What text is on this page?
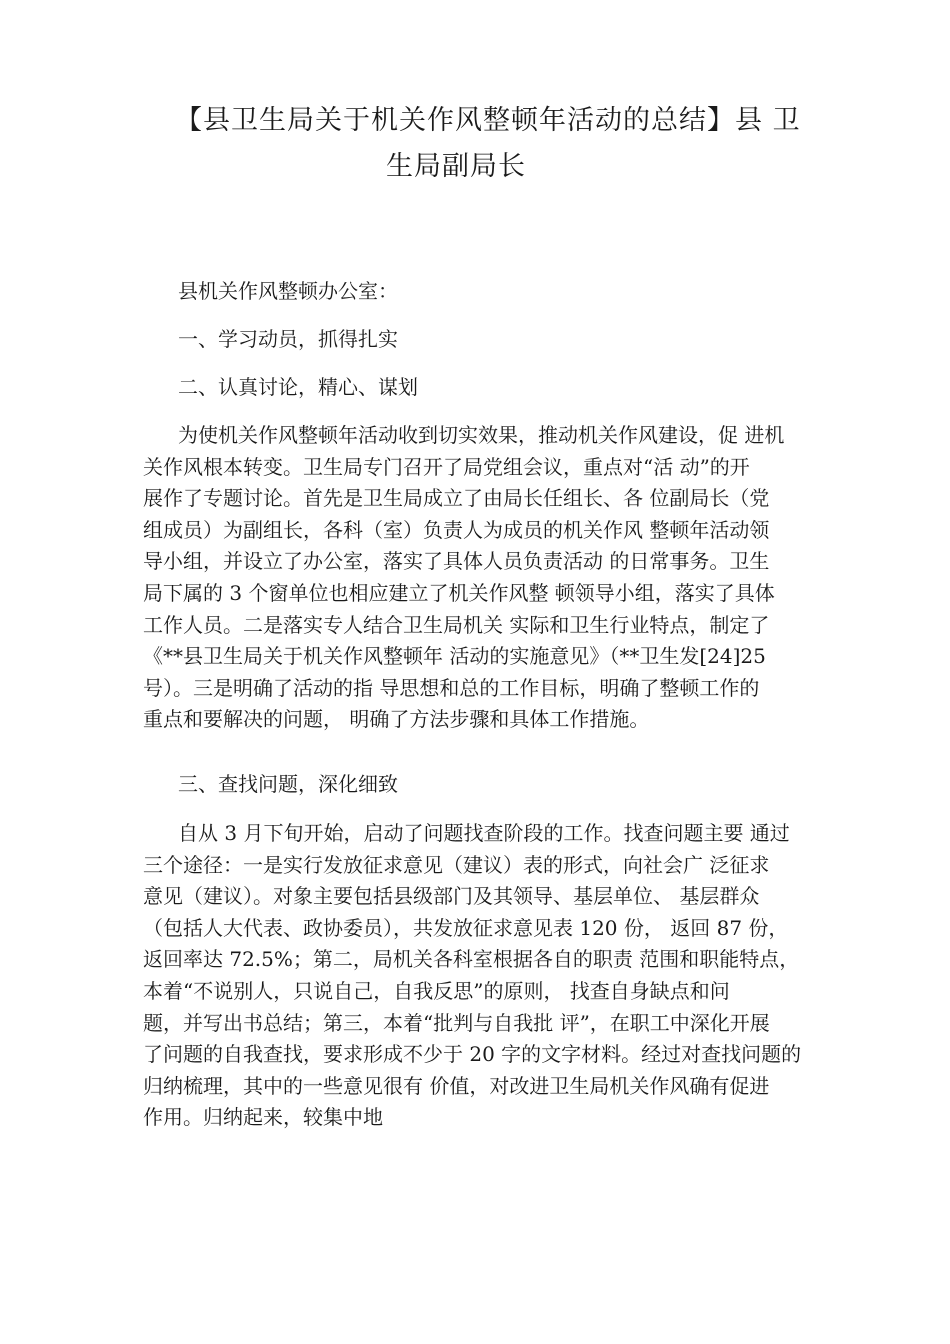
【县卫生局关于机关作风整顿年活动的总结】县 卫
生局副局长

县机关作风整顿办公室：

一、学习动员，抓得扎实

二、认真讨论，精心、谋划

为使机关作风整顿年活动收到切实效果，推动机关作风建设，促 进机
关作风根本转变。卫生局专门召开了局党组会议，重点对“活 动”的开
展作了专题讨论。首先是卫生局成立了由局长任组长、各 位副局长（党
组成员）为副组长，各科（室）负责人为成员的机关作风 整顿年活动领
导小组，并设立了办公室，落实了具体人员负责活动 的日常事务。卫生
局下属的 3 个窗单位也相应建立了机关作风整 顿领导小组，落实了具体
工作人员。二是落实专人结合卫生局机关 实际和卫生行业特点，制定了
《**县卫生局关于机关作风整顿年 活动的实施意见》（**卫生发[24]25
号）。三是明确了活动的指 导思想和总的工作目标，明确了整顿工作的
重点和要解决的问题， 明确了方法步骤和具体工作措施。

三、查找问题，深化细致

自从 3 月下旬开始，启动了问题找查阶段的工作。找查问题主要 通过
三个途径：一是实行发放征求意见（建议）表的形式，向社会广 泛征求
意见（建议）。对象主要包括县级部门及其领导、基层单位、 基层群众
（包括人大代表、政协委员），共发放征求意见表 120 份， 返回 87 份，
返回率达 72.5%；第二，局机关各科室根据各自的职责 范围和职能特点，
本着“不说别人，只说自己，自我反思”的原则， 找查自身缺点和问
题，并写出书总结；第三，本着“批判与自我批 评”，在职工中深化开展
了问题的自我查找，要求形成不少于 20 字的文字材料。经过对查找问题的
归纳梳理，其中的一些意见很有 价值，对改进卫生局机关作风确有促进
作用。归纳起来，较集中地
